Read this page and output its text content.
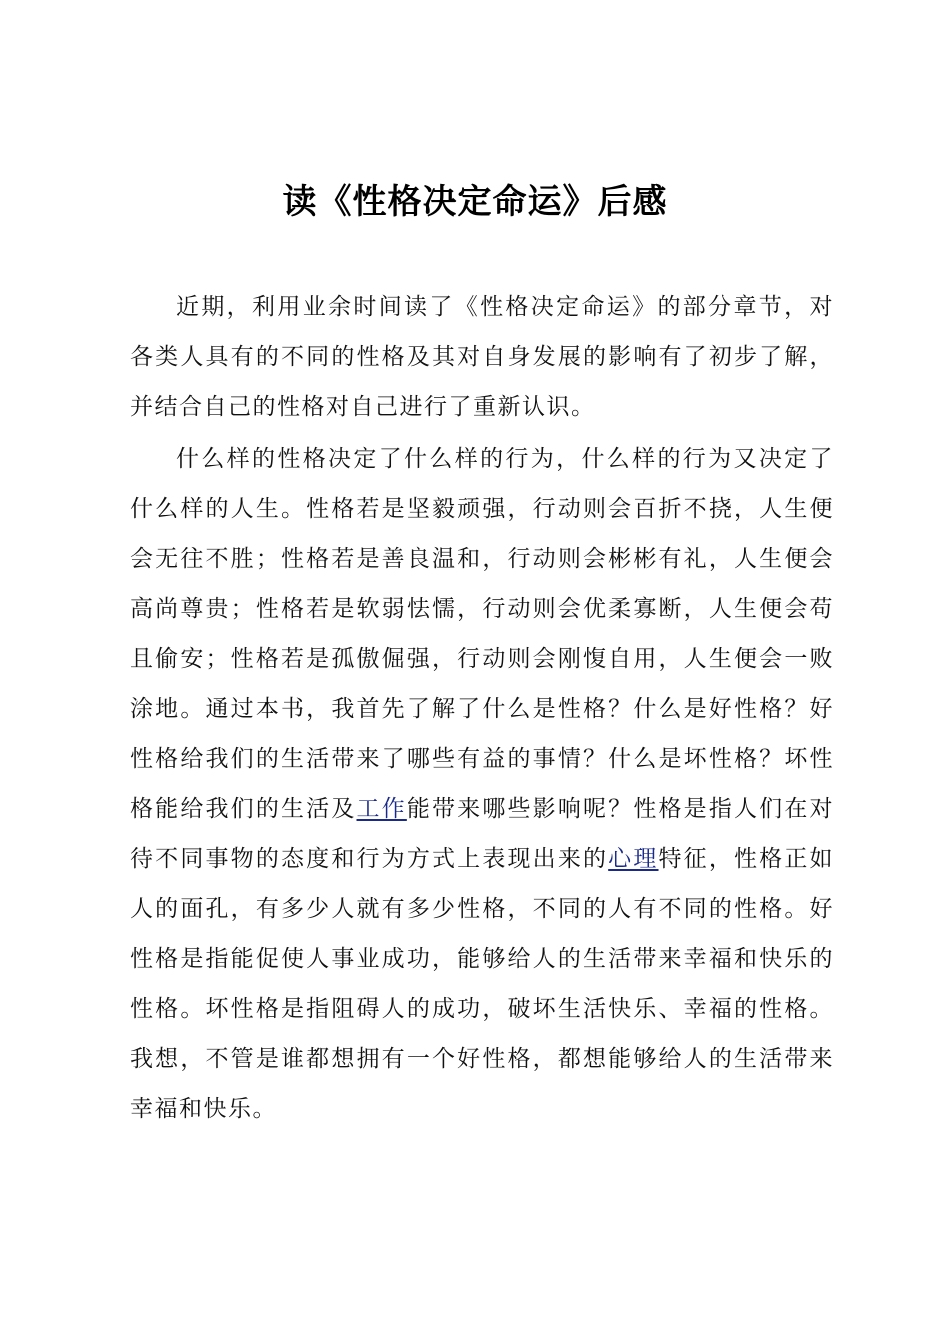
读《性格决定命运》后感

近期，利用业余时间读了《性格决定命运》的部分章节，对各类人具有的不同的性格及其对自身发展的影响有了初步了解，并结合自己的性格对自己进行了重新认识。

什么样的性格决定了什么样的行为，什么样的行为又决定了什么样的人生。性格若是坚毅顽强，行动则会百折不挠，人生便会无往不胜；性格若是善良温和，行动则会彬彬有礼，人生便会高尚尊贵；性格若是软弱怯懦，行动则会优柔寡断，人生便会苟且偷安；性格若是孤傲倔强，行动则会刚愎自用，人生便会一败涂地。通过本书，我首先了解了什么是性格？什么是好性格？好性格给我们的生活带来了哪些有益的事情？什么是坏性格？坏性格能给我们的生活及工作能带来哪些影响呢？性格是指人们在对待不同事物的态度和行为方式上表现出来的心理特征，性格正如人的面孔，有多少人就有多少性格，不同的人有不同的性格。好性格是指能促使人事业成功，能够给人的生活带来幸福和快乐的性格。坏性格是指阻碍人的成功，破坏生活快乐、幸福的性格。我想，不管是谁都想拥有一个好性格，都想能够给人的生活带来幸福和快乐。
